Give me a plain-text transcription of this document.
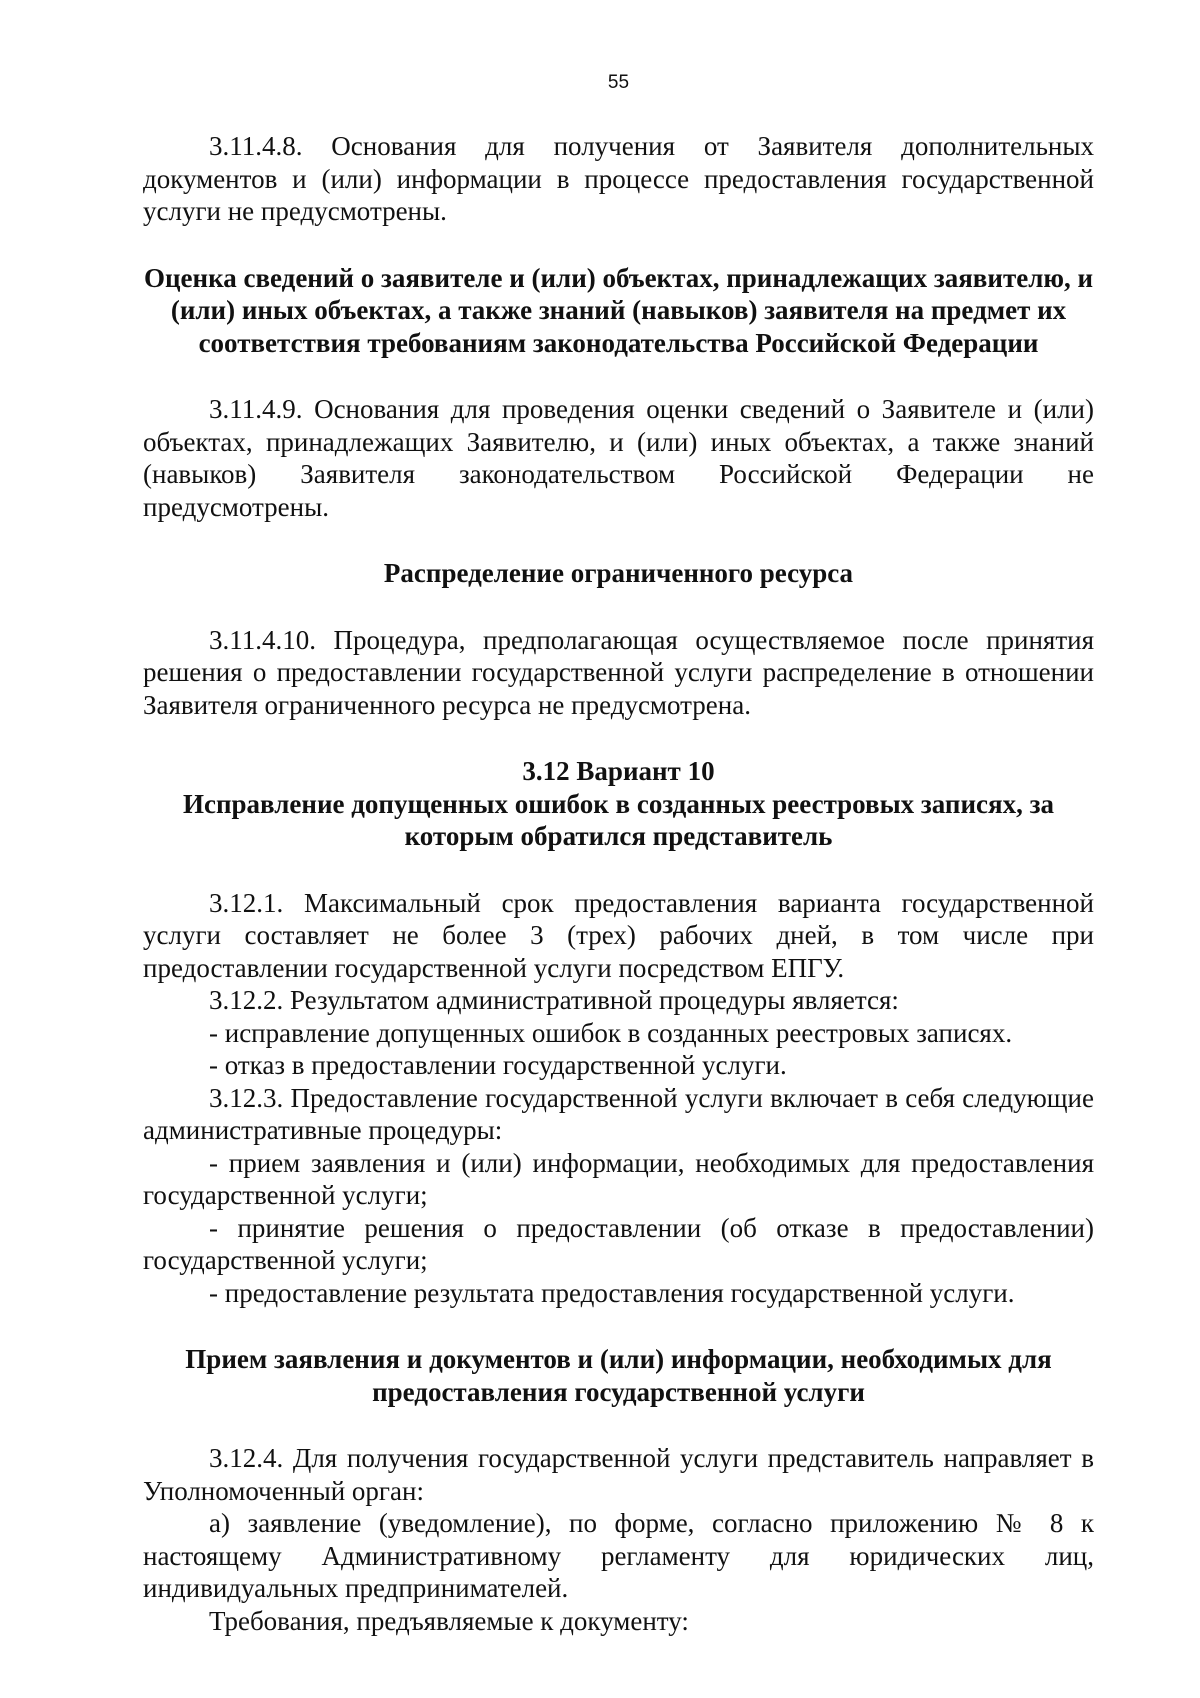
55

3.11.4.8. Основания для получения от Заявителя дополнительных документов и (или) информации в процессе предоставления государственной услуги не предусмотрены.

Оценка сведений о заявителе и (или) объектах, принадлежащих заявителю, и (или) иных объектах, а также знаний (навыков) заявителя на предмет их соответствия требованиям законодательства Российской Федерации

3.11.4.9. Основания для проведения оценки сведений о Заявителе и (или) объектах, принадлежащих Заявителю, и (или) иных объектах, а также знаний (навыков) Заявителя законодательством Российской Федерации не предусмотрены.

Распределение ограниченного ресурса

3.11.4.10. Процедура, предполагающая осуществляемое после принятия решения о предоставлении государственной услуги распределение в отношении Заявителя ограниченного ресурса не предусмотрена.

3.12 Вариант 10
Исправление допущенных ошибок в созданных реестровых записях, за которым обратился представитель

3.12.1. Максимальный срок предоставления варианта государственной услуги составляет не более 3 (трех) рабочих дней, в том числе при предоставлении государственной услуги посредством ЕПГУ.

3.12.2. Результатом административной процедуры является:

- исправление допущенных ошибок в созданных реестровых записях.

- отказ в предоставлении государственной услуги.

3.12.3. Предоставление государственной услуги включает в себя следующие административные процедуры:

- прием заявления и (или) информации, необходимых для предоставления государственной услуги;

- принятие решения о предоставлении (об отказе в предоставлении) государственной услуги;

- предоставление результата предоставления государственной услуги.

Прием заявления и документов и (или) информации, необходимых для предоставления государственной услуги

3.12.4. Для получения государственной услуги представитель направляет в Уполномоченный орган:

а) заявление (уведомление), по форме, согласно приложению № 8 к настоящему Административному регламенту для юридических лиц, индивидуальных предпринимателей.

Требования, предъявляемые к документу:
